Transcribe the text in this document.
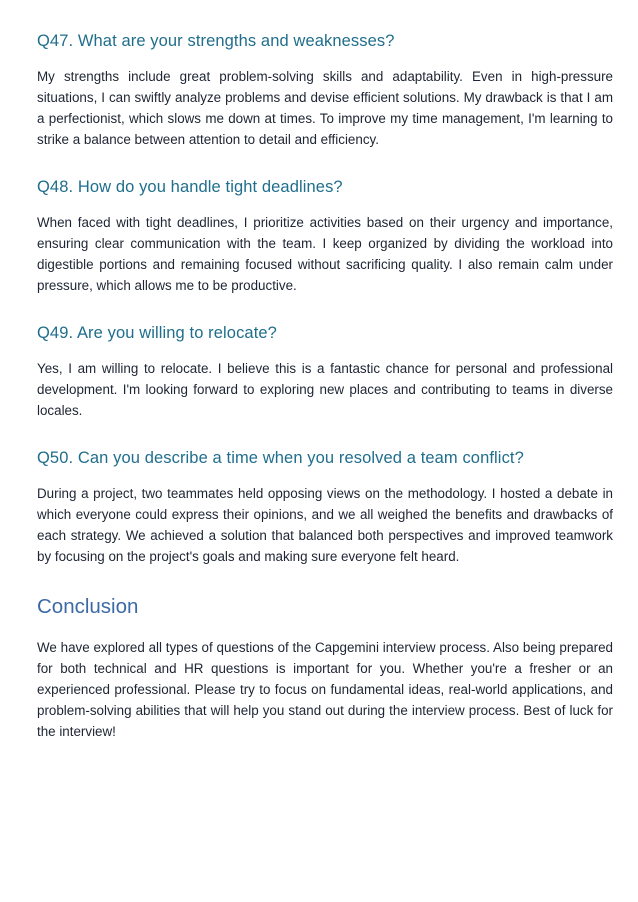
Q47. What are your strengths and weaknesses?

My strengths include great problem-solving skills and adaptability. Even in high-pressure situations, I can swiftly analyze problems and devise efficient solutions. My drawback is that I am a perfectionist, which slows me down at times. To improve my time management, I'm learning to strike a balance between attention to detail and efficiency.

Q48. How do you handle tight deadlines?

When faced with tight deadlines, I prioritize activities based on their urgency and importance, ensuring clear communication with the team. I keep organized by dividing the workload into digestible portions and remaining focused without sacrificing quality. I also remain calm under pressure, which allows me to be productive.

Q49. Are you willing to relocate?

Yes, I am willing to relocate. I believe this is a fantastic chance for personal and professional development. I'm looking forward to exploring new places and contributing to teams in diverse locales.

Q50. Can you describe a time when you resolved a team conflict?

During a project, two teammates held opposing views on the methodology. I hosted a debate in which everyone could express their opinions, and we all weighed the benefits and drawbacks of each strategy. We achieved a solution that balanced both perspectives and improved teamwork by focusing on the project's goals and making sure everyone felt heard.

Conclusion

We have explored all types of questions of the Capgemini interview process. Also being prepared for both technical and HR questions is important for you. Whether you're a fresher or an experienced professional. Please try to focus on fundamental ideas, real-world applications, and problem-solving abilities that will help you stand out during the interview process. Best of luck for the interview!
